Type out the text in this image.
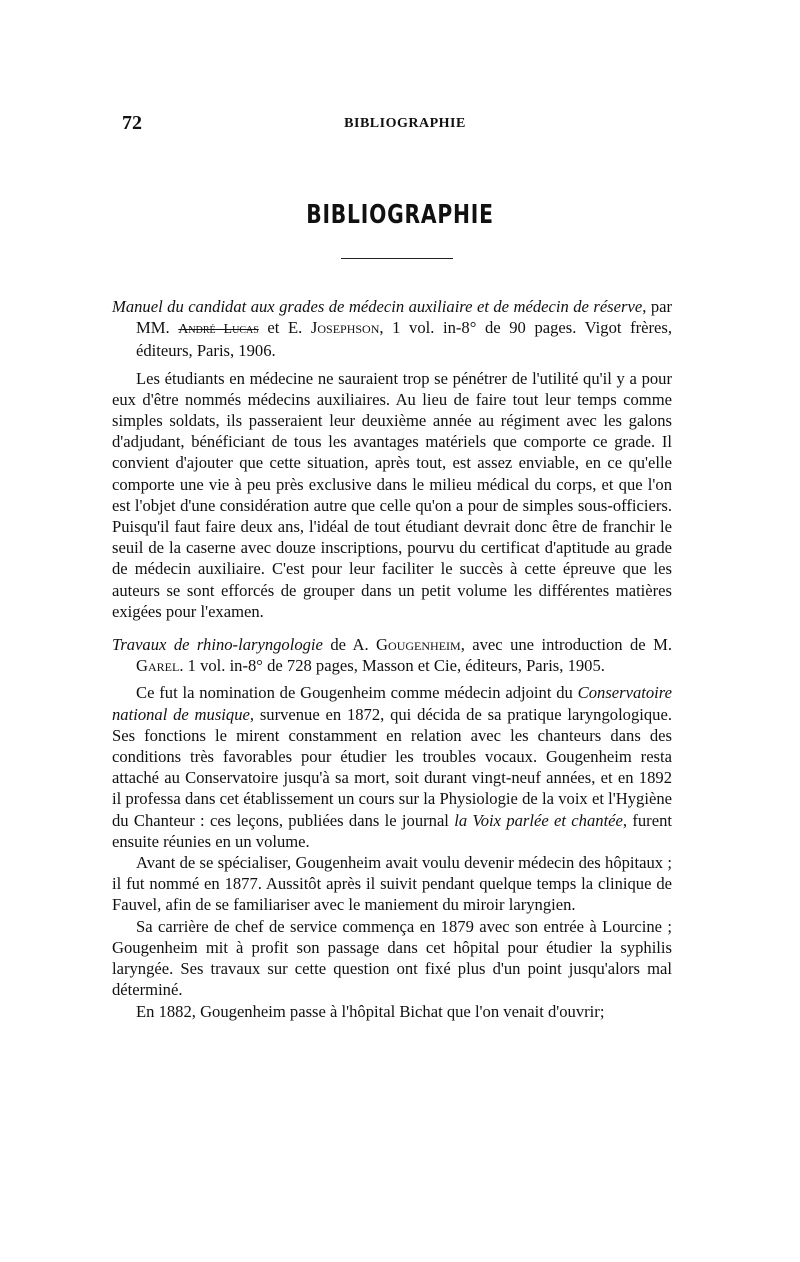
72	BIBLIOGRAPHIE
BIBLIOGRAPHIE

Manuel du candidat aux grades de médecin auxiliaire et de médecin de réserve, par MM. André Lucas et E. Josephson, 1 vol. in-8° de 90 pages. Vigot frères, éditeurs, Paris, 1906.

Les étudiants en médecine ne sauraient trop se pénétrer de l'utilité qu'il y a pour eux d'être nommés médecins auxiliaires. Au lieu de faire tout leur temps comme simples soldats, ils passeraient leur deuxième année au régiment avec les galons d'adjudant, bénéficiant de tous les avantages matériels que comporte ce grade. Il convient d'ajouter que cette situation, après tout, est assez enviable, en ce qu'elle comporte une vie à peu près exclusive dans le milieu médical du corps, et que l'on est l'objet d'une considération autre que celle qu'on a pour de simples sous-officiers. Puisqu'il faut faire deux ans, l'idéal de tout étudiant devrait donc être de franchir le seuil de la caserne avec douze inscriptions, pourvu du certificat d'aptitude au grade de médecin auxiliaire. C'est pour leur faciliter le succès à cette épreuve que les auteurs se sont efforcés de grouper dans un petit volume les différentes matières exigées pour l'examen.

Travaux de rhino-laryngologie de A. Gougenheim, avec une introduction de M. Garel. 1 vol. in-8° de 728 pages, Masson et Cie, éditeurs, Paris, 1905.

Ce fut la nomination de Gougenheim comme médecin adjoint du Conservatoire national de musique, survenue en 1872, qui décida de sa pratique laryngologique. Ses fonctions le mirent constamment en relation avec les chanteurs dans des conditions très favorables pour étudier les troubles vocaux. Gougenheim resta attaché au Conservatoire jusqu'à sa mort, soit durant vingt-neuf années, et en 1892 il professa dans cet établissement un cours sur la Physiologie de la voix et l'Hygiène du Chanteur : ces leçons, publiées dans le journal la Voix parlée et chantée, furent ensuite réunies en un volume.

Avant de se spécialiser, Gougenheim avait voulu devenir médecin des hôpitaux ; il fut nommé en 1877. Aussitôt après il suivit pendant quelque temps la clinique de Fauvel, afin de se familiariser avec le maniement du miroir laryngien.

Sa carrière de chef de service commença en 1879 avec son entrée à Lourcine ; Gougenheim mit à profit son passage dans cet hôpital pour étudier la syphilis laryngée. Ses travaux sur cette question ont fixé plus d'un point jusqu'alors mal déterminé.

En 1882, Gougenheim passe à l'hôpital Bichat que l'on venait d'ouvrir;
